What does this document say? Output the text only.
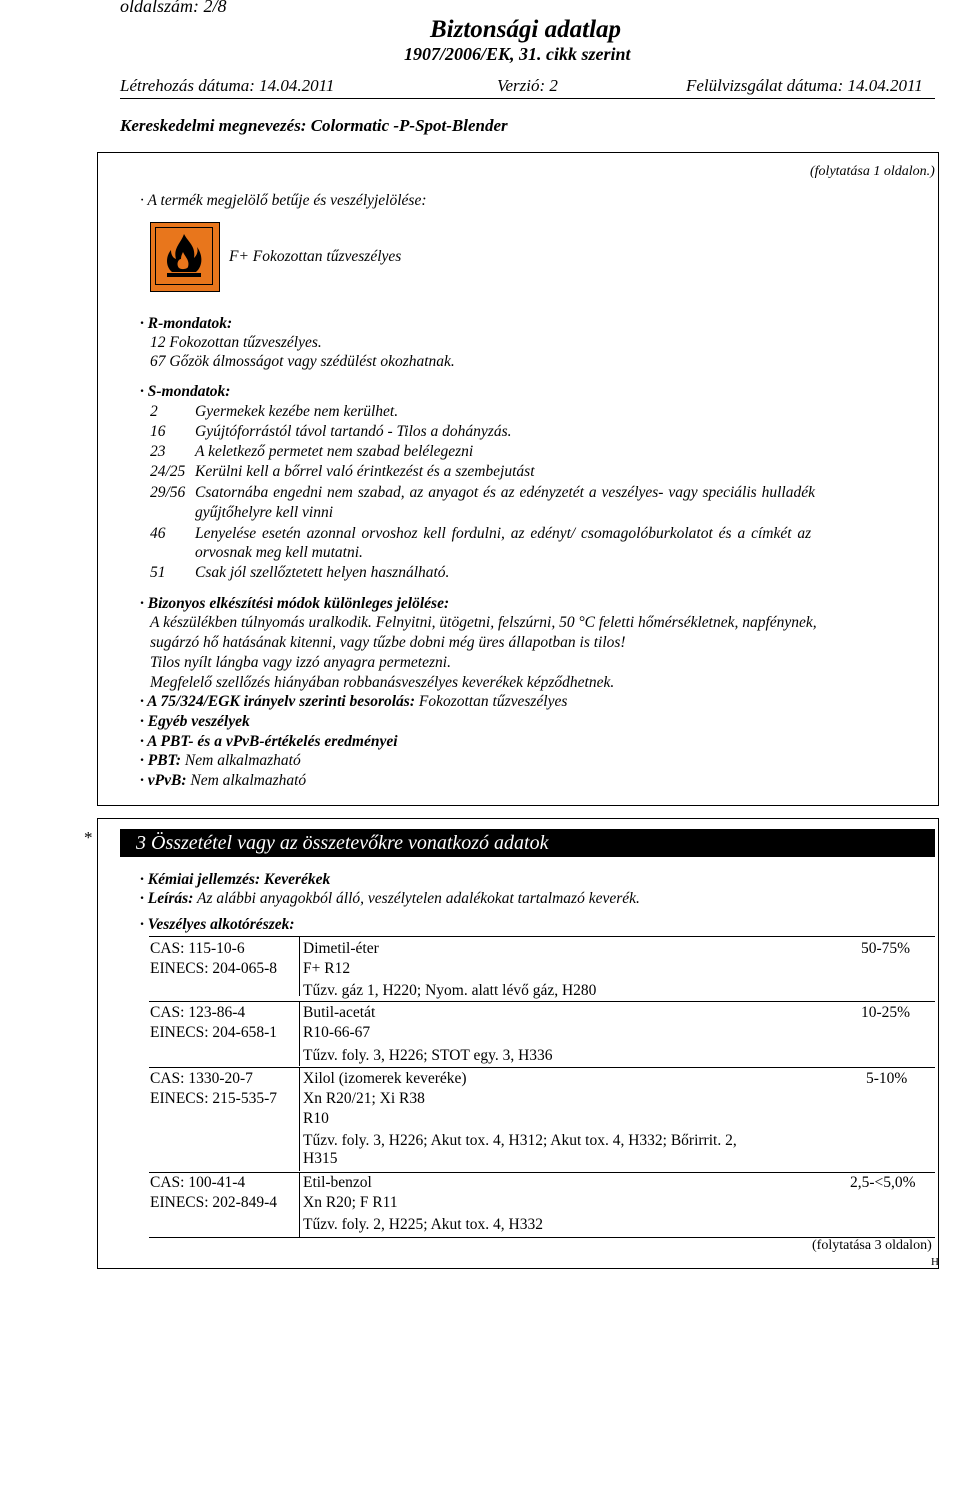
oldalszám: 2/8
Biztonsági adatlap
1907/2006/EK, 31. cikk szerint
Létrehozás dátuma: 14.04.2011	Verzió: 2	Felülvizsgálat dátuma: 14.04.2011
Kereskedelmi megnevezés: Colormatic -P-Spot-Blender
(folytatása 1 oldalon.)
· A termék megjelölő betűje és veszélyjelölése:
F+ Fokozottan tűzveszélyes
· R-mondatok:
12 Fokozottan tűzveszélyes.
67 Gőzök álmosságot vagy szédülést okozhatnak.
· S-mondatok:
2 Gyermekek kezébe nem kerülhet.
16 Gyújtóforrástól távol tartandó - Tilos a dohányzás.
23 A keletkező permetet nem szabad belélegezni
24/25 Kerülni kell a bőrrel való érintkezést és a szembejutást
29/56 Csatornába engedni nem szabad, az anyagot és az edényzetét a veszélyes- vagy speciális hulladék
gyűjtőhelyre kell vinni
46 Lenyelése esetén azonnal orvoshoz kell fordulni, az edényt/ csomagolóburkolatot és a címkét az
orvosnak meg kell mutatni.
51 Csak jól szellőztetett helyen használható.
· Bizonyos elkészítési módok különleges jelölése:
A készülékben túlnyomás uralkodik. Felnyitni, ütögetni, felszúrni, 50 °C feletti hőmérsékletnek, napfénynek,
sugárzó hő hatásának kitenni, vagy tűzbe dobni még üres állapotban is tilos!
Tilos nyílt lángba vagy izzó anyagra permetezni.
Megfelelő szellőzés hiányában robbanásveszélyes keverékek képződhetnek.
· A 75/324/EGK irányelv szerinti besorolás: Fokozottan tűzveszélyes
· Egyéb veszélyek
· A PBT- és a vPvB-értékelés eredményei
· PBT: Nem alkalmazható
· vPvB: Nem alkalmazható
* 3 Összetétel vagy az összetevőkre vonatkozó adatok
· Kémiai jellemzés: Keverékek
· Leírás: Az alábbi anyagokból álló, veszélytelen adalékokat tartalmazó keverék.
· Veszélyes alkotórészek:
CAS: 115-10-6
EINECS: 204-065-8
Dimetil-éter
F+ R12
Tűzv. gáz 1, H220; Nyom. alatt lévő gáz, H280
50-75%
CAS: 123-86-4
EINECS: 204-658-1
Butil-acetát
R10-66-67
Tűzv. foly. 3, H226; STOT egy. 3, H336
10-25%
CAS: 1330-20-7
EINECS: 215-535-7
Xilol (izomerek keveréke)
Xn R20/21; Xi R38
R10
Tűzv. foly. 3, H226; Akut tox. 4, H312; Akut tox. 4, H332; Bőrirrit. 2,
H315
5-10%
CAS: 100-41-4
EINECS: 202-849-4
Etil-benzol
Xn R20; F R11
Tűzv. foly. 2, H225; Akut tox. 4, H332
2,5-<5,0%
(folytatása 3 oldalon)
H
